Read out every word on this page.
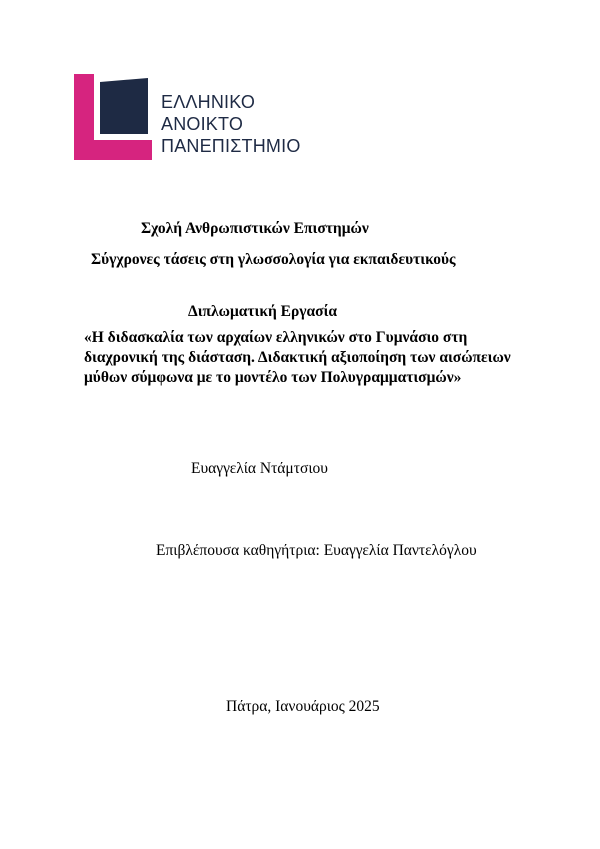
ΕΛΛΗΝΙΚΟ
ΑΝΟΙΚΤΟ
ΠΑΝΕΠΙΣΤΗΜΙΟ
Σχολή Ανθρωπιστικών Επιστημών
Σύγχρονες τάσεις στη γλωσσολογία για εκπαιδευτικούς
Διπλωματική Εργασία
«Η διδασκαλία των αρχαίων ελληνικών στο Γυμνάσιο στη
διαχρονική της διάσταση. Διδακτική αξιοποίηση των αισώπειων
μύθων σύμφωνα με το μοντέλο των Πολυγραμματισμών»
Ευαγγελία Ντάμτσιου
Επιβλέπουσα καθηγήτρια: Ευαγγελία Παντελόγλου
Πάτρα, Ιανουάριος 2025
